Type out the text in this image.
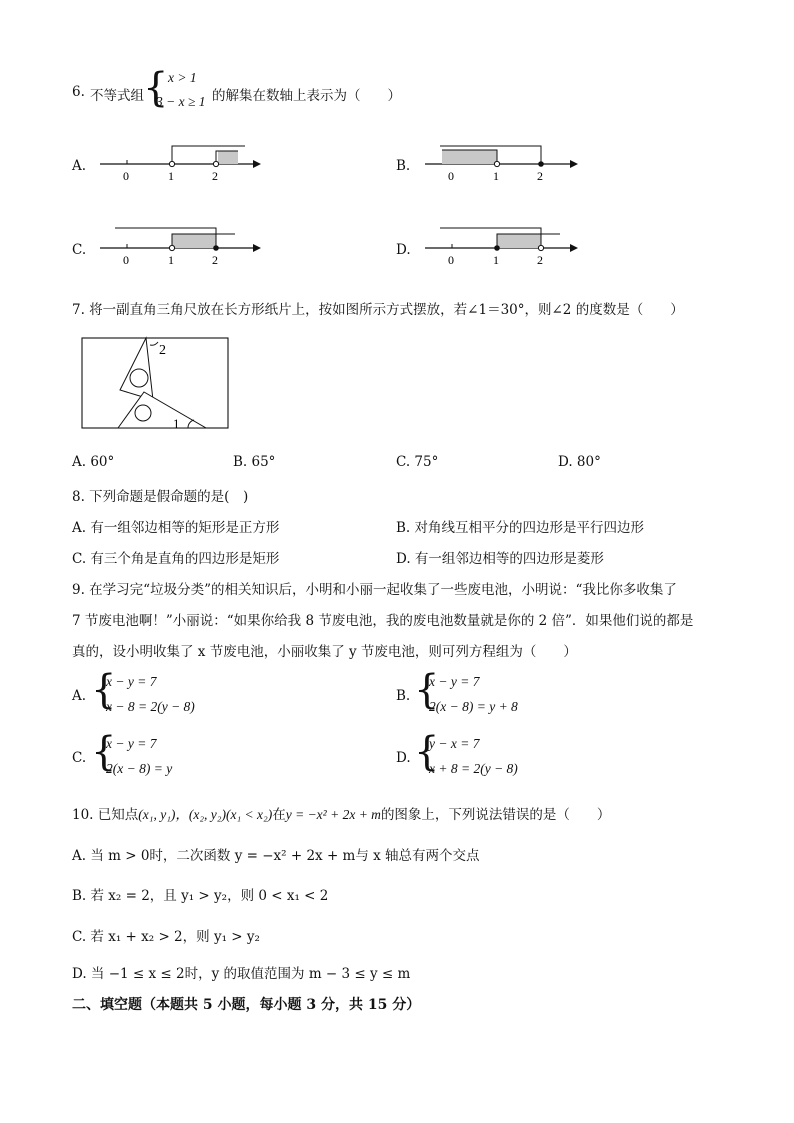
6. 不等式组 { x > 1
3 − x ≥ 1 的解集在数轴上表示为（　　）
A.
0	1	2
B.
0	1	2
C.
0	1	2
D.
0	1	2
7. 将一副直角三角尺放在长方形纸片上，按如图所示方式摆放，若∠1＝30°，则∠2 的度数是（　　）
2
1
A. 60°	B. 65°	C. 75°	D. 80°
8. 下列命题是假命题的是(　)
A. 有一组邻边相等的矩形是正方形	B. 对角线互相平分的四边形是平行四边形
C. 有三个角是直角的四边形是矩形	D. 有一组邻边相等的四边形是菱形
9. 在学习完“垃圾分类”的相关知识后，小明和小丽一起收集了一些废电池，小明说：“我比你多收集了
7 节废电池啊！”小丽说：“如果你给我 8 节废电池，我的废电池数量就是你的 2 倍”．如果他们说的都是
真的，设小明收集了 x 节废电池，小丽收集了 y 节废电池，则可列方程组为（　　）
A. {
x − y = 7
x − 8 = 2(y − 8)
B. {
x − y = 7
2(x − 8) = y + 8
C. {
x − y = 7
2(x − 8) = y
D. {
y − x = 7
x + 8 = 2(y − 8)
10. 已知点(x₁, y₁)，(x₂, y₂)(x₁ < x₂)在y = −x² + 2x + m的图象上，下列说法错误的是（　　）
A. 当 m > 0时，二次函数 y = −x² + 2x + m与 x 轴总有两个交点
B. 若 x₂ = 2，且 y₁ > y₂，则 0 < x₁ < 2
C. 若 x₁ + x₂ > 2，则 y₁ > y₂
D. 当 −1 ≤ x ≤ 2时，y 的取值范围为 m − 3 ≤ y ≤ m
二、填空题（本题共 5 小题，每小题 3 分，共 15 分）
